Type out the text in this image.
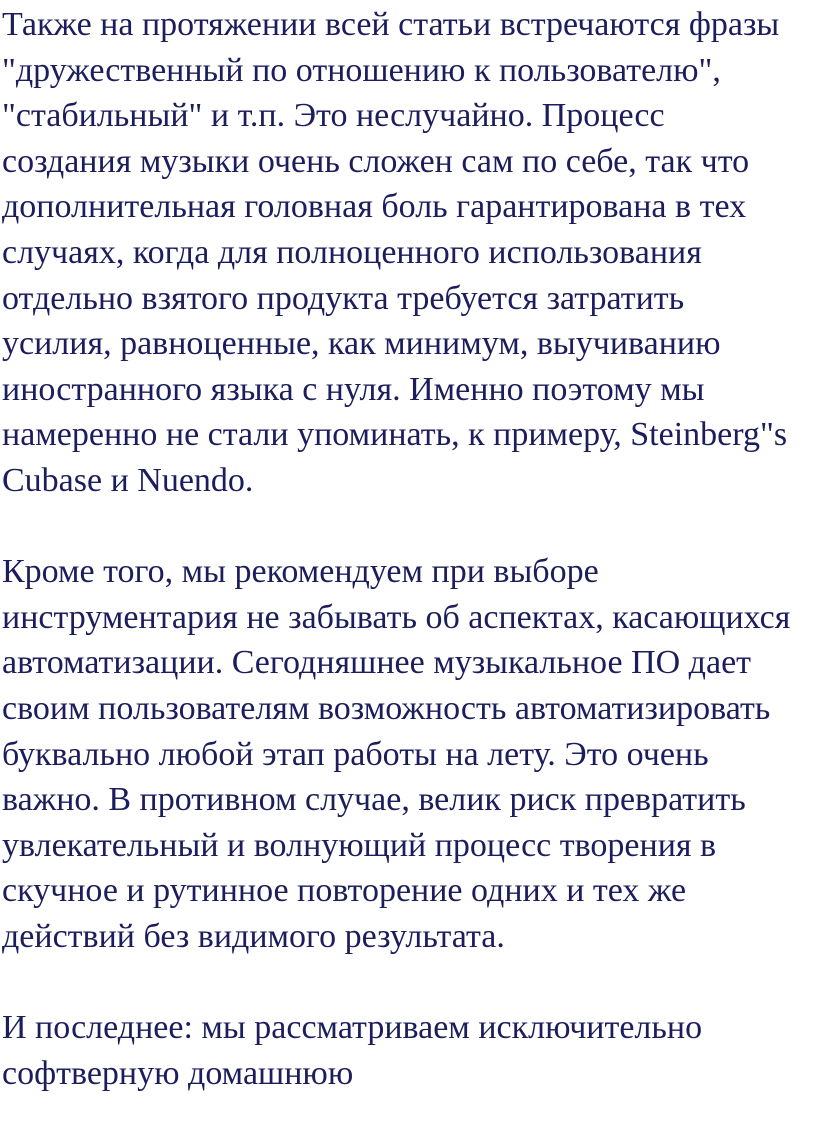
Также на протяжении всей статьи встречаются фразы
"дружественный по отношению к пользователю",
"стабильный" и т.п. Это неслучайно. Процесс
создания музыки очень сложен сам по себе, так что
дополнительная головная боль гарантирована в тех
случаях, когда для полноценного использования
отдельно взятого продукта требуется затратить
усилия, равноценные, как минимум, выучиванию
иностранного языка с нуля. Именно поэтому мы
намеренно не стали упоминать, к примеру, Steinberg"s
Cubase и Nuendo.
Кроме того, мы рекомендуем при выборе
инструментария не забывать об аспектах, касающихся
автоматизации. Сегодняшнее музыкальное ПО дает
своим пользователям возможность автоматизировать
буквально любой этап работы на лету. Это очень
важно. В противном случае, велик риск превратить
увлекательный и волнующий процесс творения в
скучное и рутинное повторение одних и тех же
действий без видимого результата.
И последнее: мы рассматриваем исключительно
софтверную домашнюю
